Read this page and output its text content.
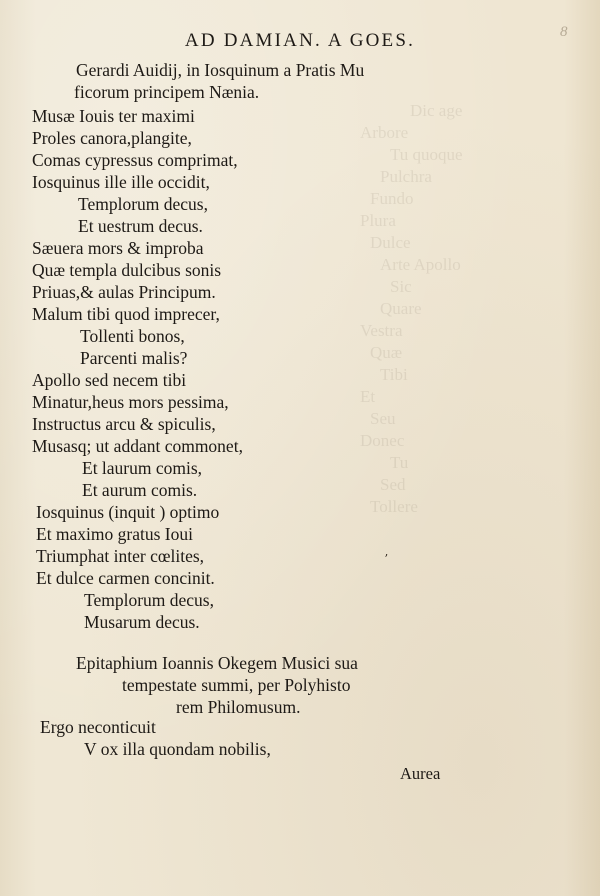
Dic age
Arbore
Tu quoque
Pulchra
Fundo
Plura
Dulce
Arte Apollo
Sic
Quare
Vestra
Quæ
Tibi
Et
Seu
Donec
Tu
Sed
Tollere
AD DAMIAN. A GOES.	8
Gerardi Auidij, in Iosquinum a Pratis Mu
ficorum principem Nænia.
Musæ Iouis ter maximi
Proles canora,plangite,
Comas cypressus comprimat,
Iosquinus ille ille occidit,
Templorum decus,
Et uestrum decus.
Sæuera mors & improba
Quæ templa dulcibus sonis
Priuas,& aulas Principum.
Malum tibi quod imprecer,
Tollenti bonos,
Parcenti malis?
Apollo sed necem tibi
Minatur,heus mors pessima,
Instructus arcu & spiculis,
Musasq; ut addant commonet,
Et laurum comis,
Et aurum comis.
Iosquinus (inquit ) optimo
Et maximo gratus Ioui
Triumphat inter cœlites,
Et dulce carmen concinit.
Templorum decus,
Musarum decus.
Epitaphium Ioannis Okegem Musici sua
tempestate summi, per Polyhisto
rem Philomusum.
Ergo neconticuit
V ox illa quondam nobilis,
ʼ
Aurea
